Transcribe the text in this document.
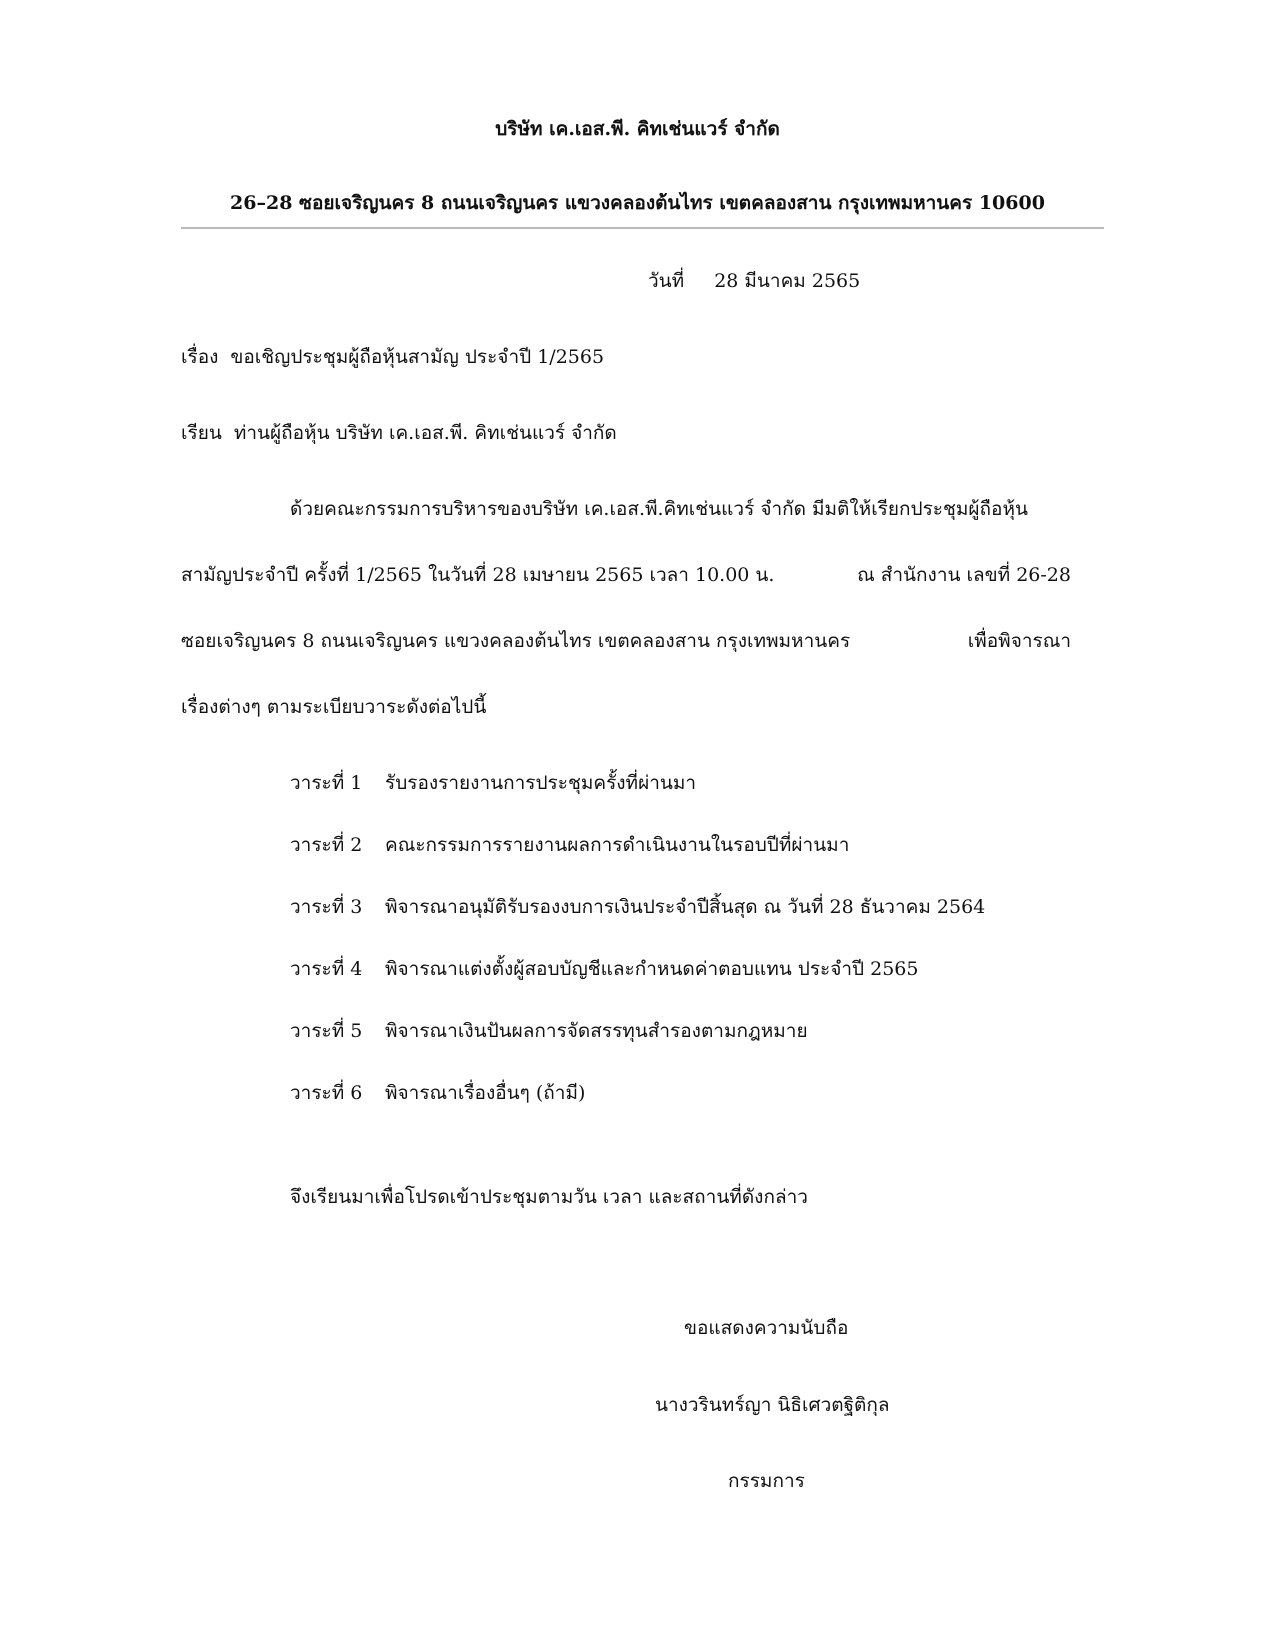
บริษัท เค.เอส.พี. คิทเช่นแวร์ จำกัด
26–28 ซอยเจริญนคร 8 ถนนเจริญนคร แขวงคลองต้นไทร เขตคลองสาน กรุงเทพมหานคร 10600
วันที่ 28 มีนาคม 2565
เรื่อง ขอเชิญประชุมผู้ถือหุ้นสามัญ ประจำปี 1/2565
เรียน ท่านผู้ถือหุ้น บริษัท เค.เอส.พี. คิทเช่นแวร์ จำกัด
ด้วยคณะกรรมการบริหารของบริษัท เค.เอส.พี.คิทเช่นแวร์ จำกัด มีมติให้เรียกประชุมผู้ถือหุ้น
สามัญประจำปี ครั้งที่ 1/2565 ในวันที่ 28 เมษายน 2565 เวลา 10.00 น.	ณ สำนักงาน เลขที่ 26-28
ซอยเจริญนคร 8 ถนนเจริญนคร แขวงคลองต้นไทร เขตคลองสาน กรุงเทพมหานคร	เพื่อพิจารณา
เรื่องต่างๆ ตามระเบียบวาระดังต่อไปนี้
วาระที่ 1 รับรองรายงานการประชุมครั้งที่ผ่านมา
วาระที่ 2 คณะกรรมการรายงานผลการดำเนินงานในรอบปีที่ผ่านมา
วาระที่ 3 พิจารณาอนุมัติรับรองงบการเงินประจำปีสิ้นสุด ณ วันที่ 28 ธันวาคม 2564
วาระที่ 4 พิจารณาแต่งตั้งผู้สอบบัญชีและกำหนดค่าตอบแทน ประจำปี 2565
วาระที่ 5 พิจารณาเงินปันผลการจัดสรรทุนสำรองตามกฎหมาย
วาระที่ 6 พิจารณาเรื่องอื่นๆ (ถ้ามี)
จึงเรียนมาเพื่อโปรดเข้าประชุมตามวัน เวลา และสถานที่ดังกล่าว
ขอแสดงความนับถือ
นางวรินทร์ญา นิธิเศวตฐิติกุล
กรรมการ
